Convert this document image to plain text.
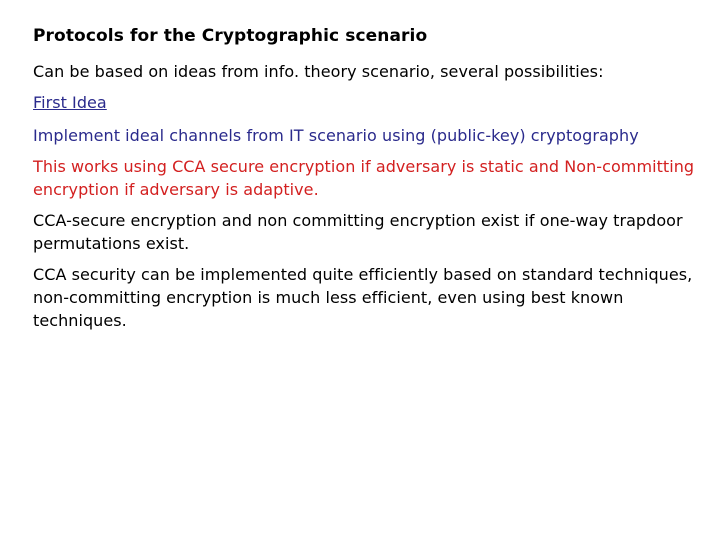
Protocols for the Cryptographic scenario
Can be based on ideas from info. theory scenario, several possibilities:
First Idea
Implement ideal channels from IT scenario using (public-key) cryptography
This works using CCA secure encryption if adversary is static and Non-committing encryption if adversary is adaptive.
CCA-secure encryption and non committing encryption exist if one-way trapdoor permutations exist.
CCA security can be implemented quite efficiently based on standard techniques, non-committing encryption is much less efficient, even using best known techniques.
